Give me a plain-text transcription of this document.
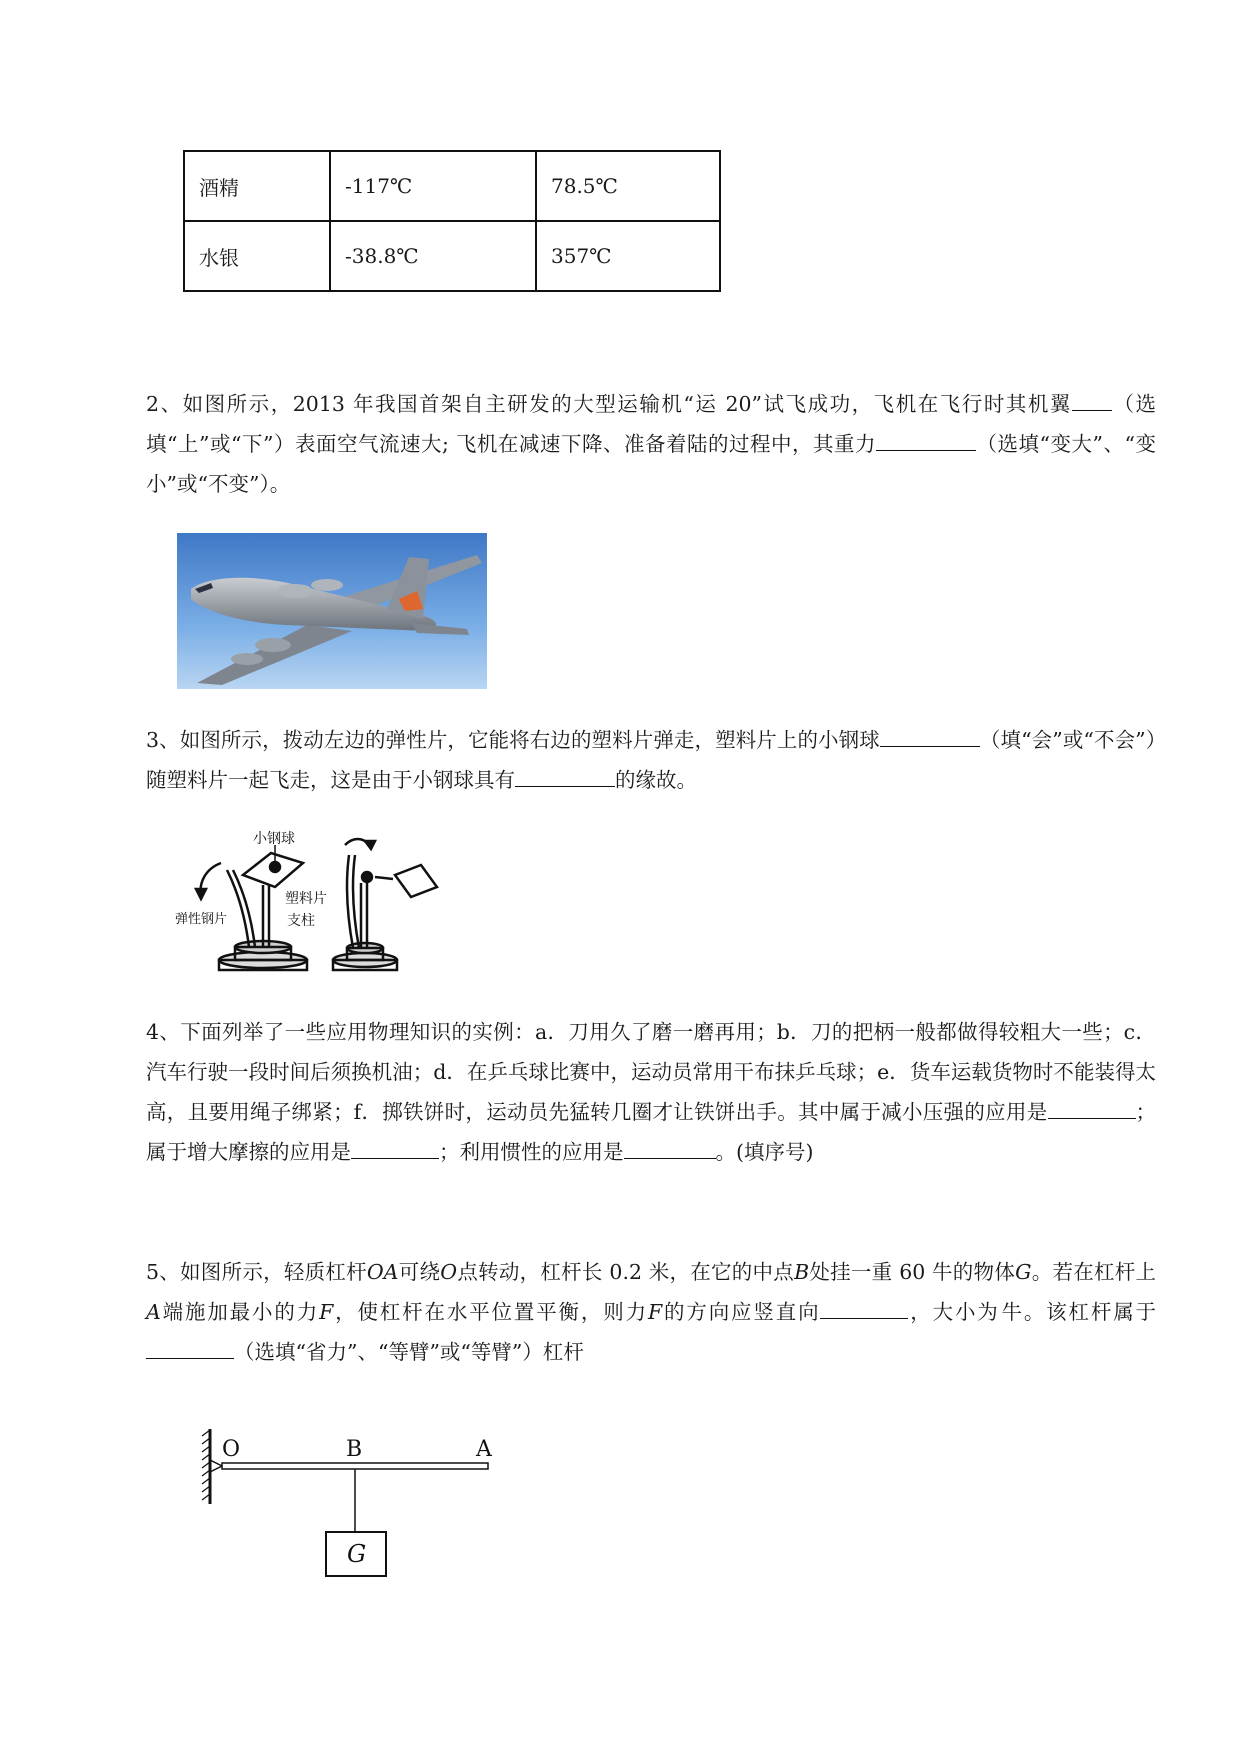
酒精	-117℃	78.5℃
水银	-38.8℃	357℃
2、如图所示，2013 年我国首架自主研发的大型运输机“运 20”试飞成功，飞机在飞行时其机翼 （选填“上”或“下”）表面空气流速大; 飞机在减速下降、准备着陆的过程中，其重力	（选填“变大”、“变小”或“不变”）。
3、如图所示，拨动左边的弹性片，它能将右边的塑料片弹走，塑料片上的小钢球	（填“会”或“不会”）随塑料片一起飞走，这是由于小钢球具有	的缘故。
小钢球
塑料片
弹性钢片	支柱
4、下面列举了一些应用物理知识的实例：a．刀用久了磨一磨再用；b．刀的把柄一般都做得较粗大一些；c．汽车行驶一段时间后须换机油；d．在乒乓球比赛中，运动员常用干布抹乒乓球；e．货车运载货物时不能装得太高，且要用绳子绑紧；f．掷铁饼时，运动员先猛转几圈才让铁饼出手。其中属于减小压强的应用是	；属于增大摩擦的应用是	；利用惯性的应用是	。(填序号)
5、如图所示，轻质杠杆OA可绕O点转动，杠杆长 0.2 米，在它的中点B处挂一重 60 牛的物体G。若在杠杆上A端施加最小的力F，使杠杆在水平位置平衡，则力F的方向应竖直向	，大小为牛。该杠杆属于 （选填“省力”、“等臂”或“等臂”）杠杆
O	B	A
G
